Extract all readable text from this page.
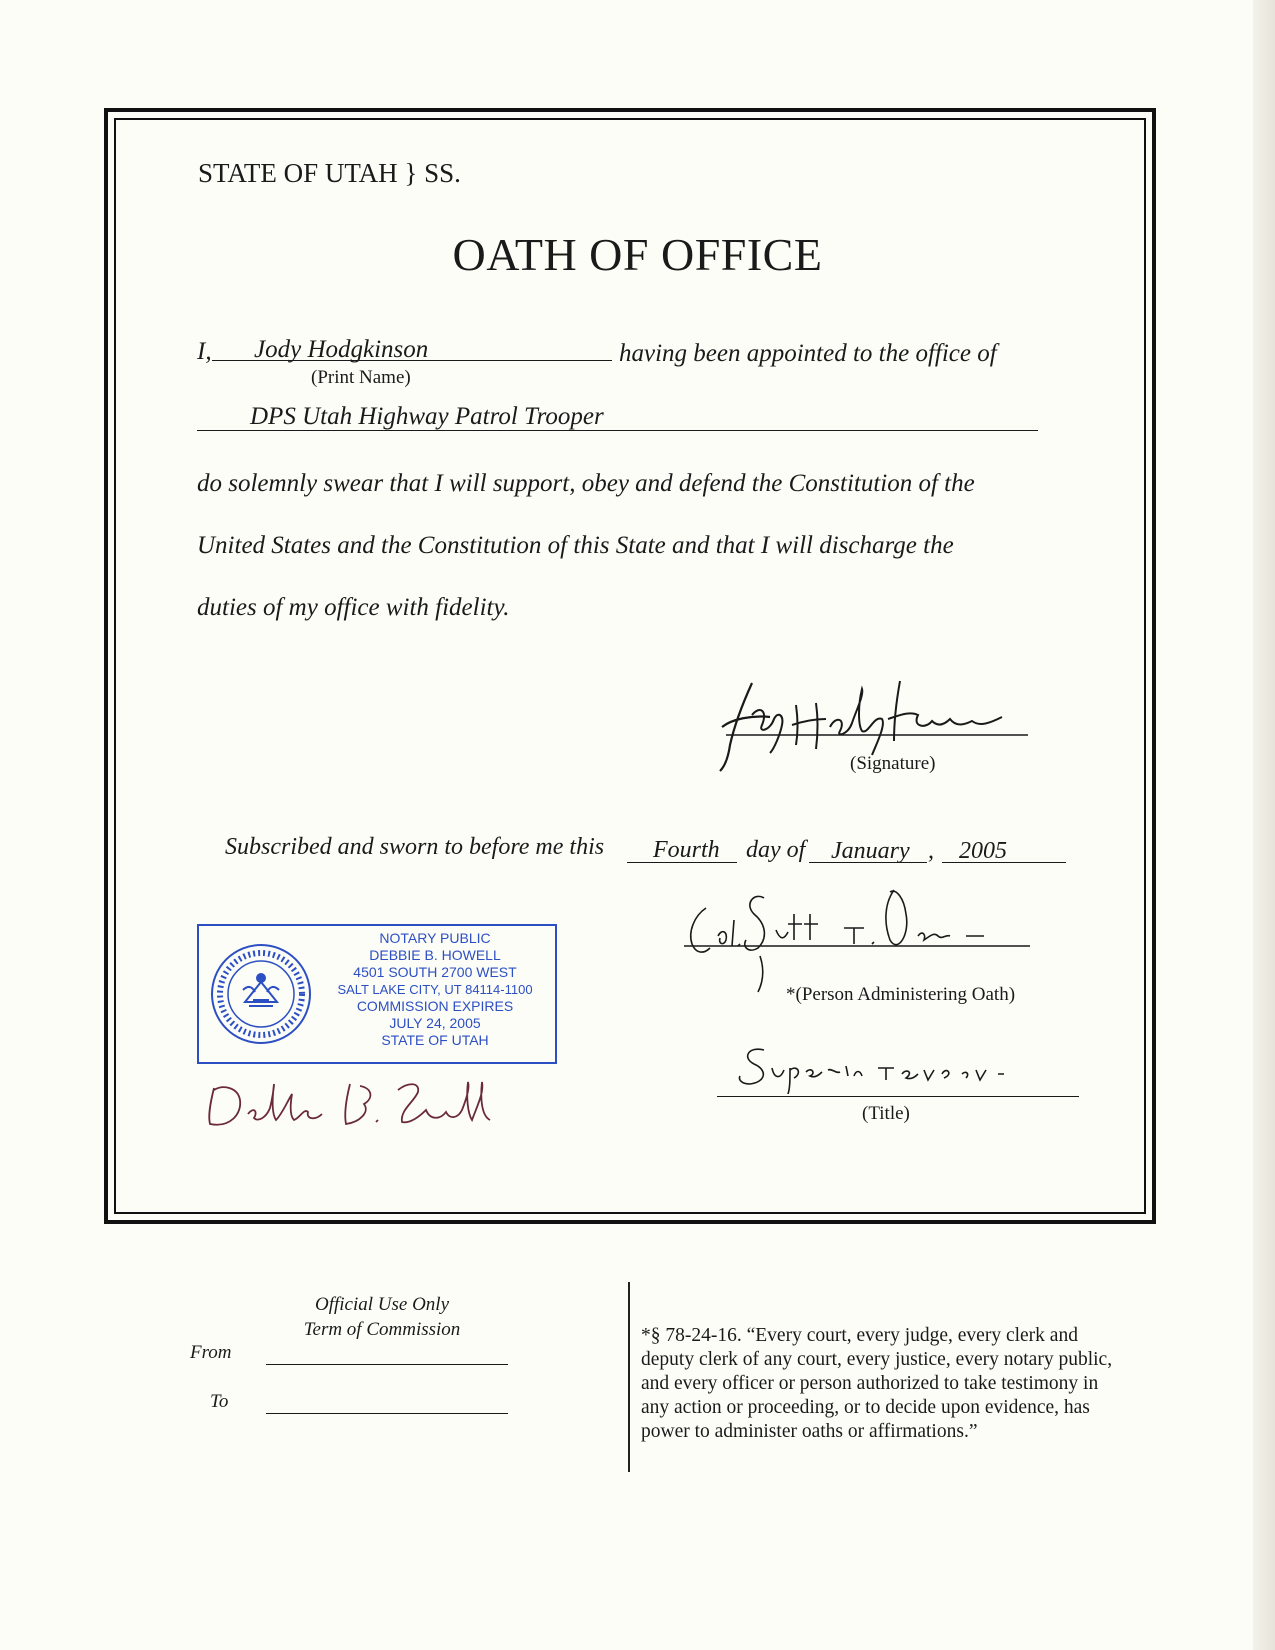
STATE OF UTAH } SS.
OATH OF OFFICE
I, Jody Hodgkinson
(Print Name)
having been appointed to the office of
DPS Utah Highway Patrol Trooper
do solemnly swear that I will support, obey and defend the Constitution of the
United States and the Constitution of this State and that I will discharge the
duties of my office with fidelity.
(Signature)
Subscribed and sworn to before me this Fourth day of January , 2005
NOTARY PUBLIC
DEBBIE B. HOWELL
4501 SOUTH 2700 WEST
SALT LAKE CITY, UT 84114-1100
COMMISSION EXPIRES
JULY 24, 2005
STATE OF UTAH
*(Person Administering Oath)
(Title)
Official Use Only
Term of Commission
From
To
*§ 78-24-16. “Every court, every judge, every clerk and deputy clerk of any court, every justice, every notary public, and every officer or person authorized to take testimony in any action or proceeding, or to decide upon evidence, has power to administer oaths or affirmations.”
